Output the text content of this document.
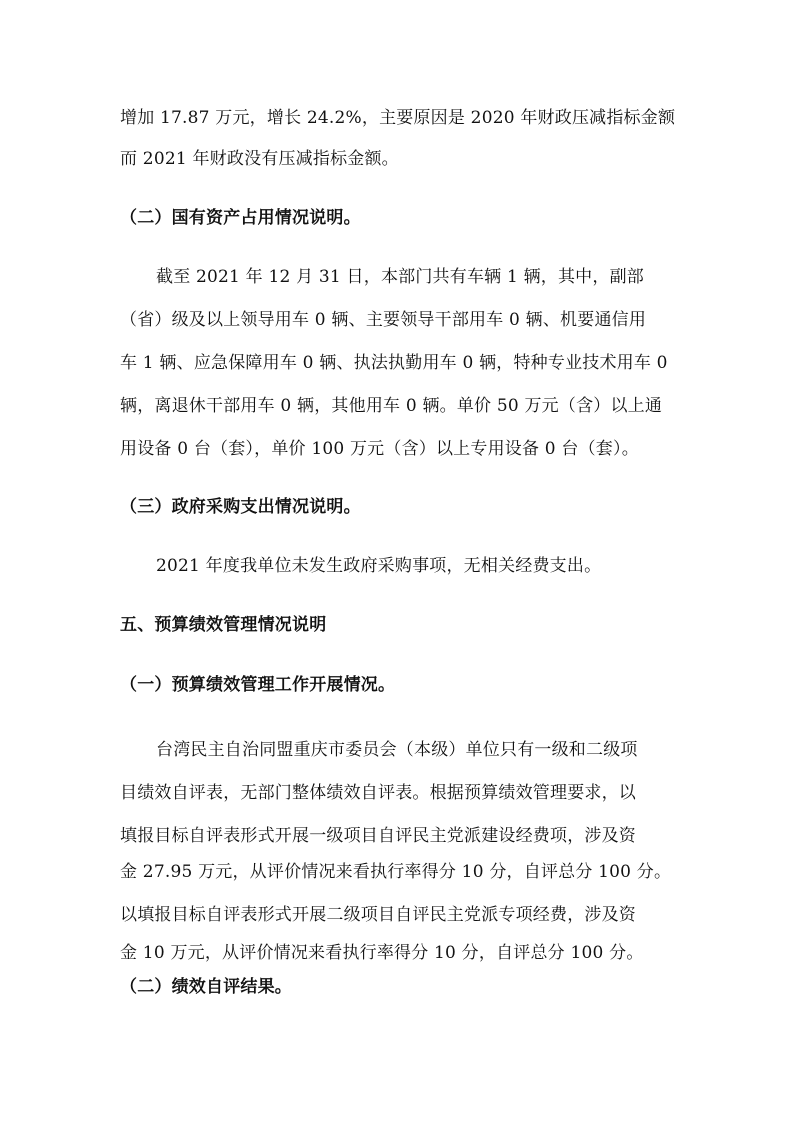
增加 17.87 万元，增长 24.2%，主要原因是 2020 年财政压减指标金额
而 2021 年财政没有压减指标金额。
（二）国有资产占用情况说明。
截至 2021 年 12 月 31 日，本部门共有车辆 1 辆，其中，副部
（省）级及以上领导用车 0 辆、主要领导干部用车 0 辆、机要通信用
车 1 辆、应急保障用车 0 辆、执法执勤用车 0 辆，特种专业技术用车 0
辆，离退休干部用车 0 辆，其他用车 0 辆。单价 50 万元（含）以上通
用设备 0 台（套），单价 100 万元（含）以上专用设备 0 台（套）。
（三）政府采购支出情况说明。
2021 年度我单位未发生政府采购事项，无相关经费支出。
五、预算绩效管理情况说明
（一）预算绩效管理工作开展情况。
台湾民主自治同盟重庆市委员会（本级）单位只有一级和二级项
目绩效自评表，无部门整体绩效自评表。根据预算绩效管理要求，以
填报目标自评表形式开展一级项目自评民主党派建设经费项，涉及资
金 27.95 万元，从评价情况来看执行率得分 10 分，自评总分 100 分。
以填报目标自评表形式开展二级项目自评民主党派专项经费，涉及资
金 10 万元，从评价情况来看执行率得分 10 分，自评总分 100 分。
（二）绩效自评结果。
